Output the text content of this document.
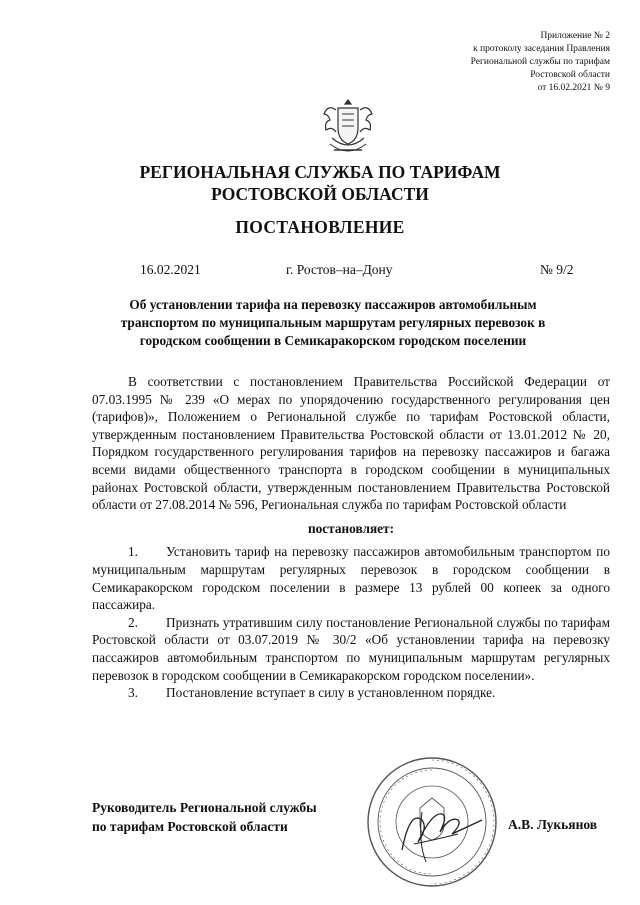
Приложение № 2
к протоколу заседания Правления
Региональной службы по тарифам
Ростовской области
от 16.02.2021 № 9
РЕГИОНАЛЬНАЯ СЛУЖБА ПО ТАРИФАМ
РОСТОВСКОЙ ОБЛАСТИ
ПОСТАНОВЛЕНИЕ
16.02.2021	г. Ростов–на–Дону	№ 9/2
Об установлении тарифа на перевозку пассажиров автомобильным транспортом по муниципальным маршрутам регулярных перевозок в городском сообщении в Семикаракорском городском поселении

В соответствии с постановлением Правительства Российской Федерации от 07.03.1995 № 239 «О мерах по упорядочению государственного регулирования цен (тарифов)», Положением о Региональной службе по тарифам Ростовской области, утвержденным постановлением Правительства Ростовской области от 13.01.2012 № 20, Порядком государственного регулирования тарифов на перевозку пассажиров и багажа всеми видами общественного транспорта в городском сообщении в муниципальных районах Ростовской области, утвержденным постановлением Правительства Ростовской области от 27.08.2014 № 596, Региональная служба по тарифам Ростовской области

постановляет:

1. Установить тариф на перевозку пассажиров автомобильным транспортом по муниципальным маршрутам регулярных перевозок в городском сообщении в Семикаракорском городском поселении в размере 13 рублей 00 копеек за одного пассажира.

2. Признать утратившим силу постановление Региональной службы по тарифам Ростовской области от 03.07.2019 № 30/2 «Об установлении тарифа на перевозку пассажиров автомобильным транспортом по муниципальным маршрутам регулярных перевозок в городском сообщении в Семикаракорском городском поселении».

3. Постановление вступает в силу в установленном порядке.

Руководитель Региональной службы
по тарифам Ростовской области	А.В. Лукьянов
